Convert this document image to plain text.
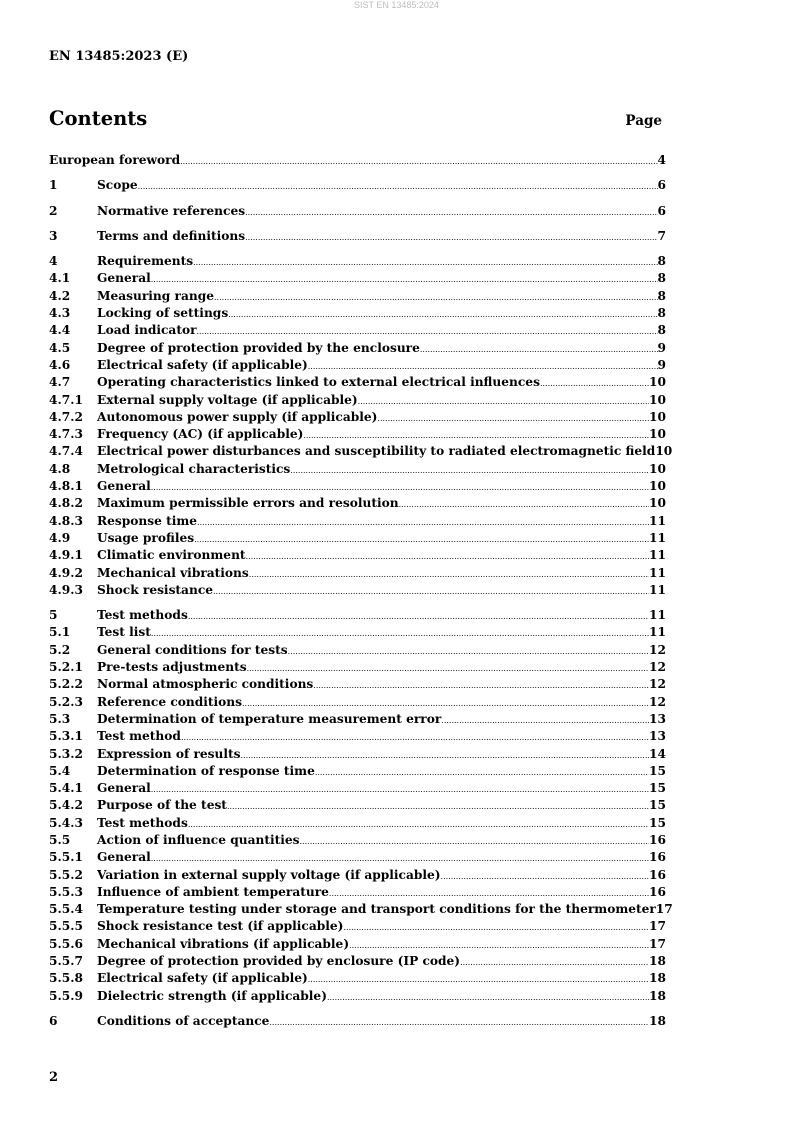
SIST EN 13485:2024
EN 13485:2023 (E)
Contents	Page
European foreword .....	4
1	Scope .....	6
2	Normative references .....	6
3	Terms and definitions .....	7
4	Requirements .....	8
4.1	General .....	8
4.2	Measuring range .....	8
4.3	Locking of settings .....	8
4.4	Load indicator .....	8
4.5	Degree of protection provided by the enclosure .....	9
4.6	Electrical safety (if applicable) .....	9
4.7	Operating characteristics linked to external electrical influences .....	10
4.7.1	External supply voltage (if applicable) .....	10
4.7.2	Autonomous power supply (if applicable) .....	10
4.7.3	Frequency (AC) (if applicable) .....	10
4.7.4	Electrical power disturbances and susceptibility to radiated electromagnetic field 10
4.8	Metrological characteristics .....	10
4.8.1	General .....	10
4.8.2	Maximum permissible errors and resolution .....	10
4.8.3	Response time .....	11
4.9	Usage profiles .....	11
4.9.1	Climatic environment .....	11
4.9.2	Mechanical vibrations .....	11
4.9.3	Shock resistance .....	11
5	Test methods .....	11
5.1	Test list .....	11
5.2	General conditions for tests .....	12
5.2.1	Pre-tests adjustments .....	12
5.2.2	Normal atmospheric conditions .....	12
5.2.3	Reference conditions .....	12
5.3	Determination of temperature measurement error .....	13
5.3.1	Test method .....	13
5.3.2	Expression of results .....	14
5.4	Determination of response time .....	15
5.4.1	General .....	15
5.4.2	Purpose of the test .....	15
5.4.3	Test methods .....	15
5.5	Action of influence quantities .....	16
5.5.1	General .....	16
5.5.2	Variation in external supply voltage (if applicable) .....	16
5.5.3	Influence of ambient temperature .....	16
5.5.4	Temperature testing under storage and transport conditions for the thermometer 17
5.5.5	Shock resistance test (if applicable) .....	17
5.5.6	Mechanical vibrations (if applicable) .....	17
5.5.7	Degree of protection provided by enclosure (IP code) .....	18
5.5.8	Electrical safety (if applicable) .....	18
5.5.9	Dielectric strength (if applicable) .....	18
6	Conditions of acceptance .....	18
2
